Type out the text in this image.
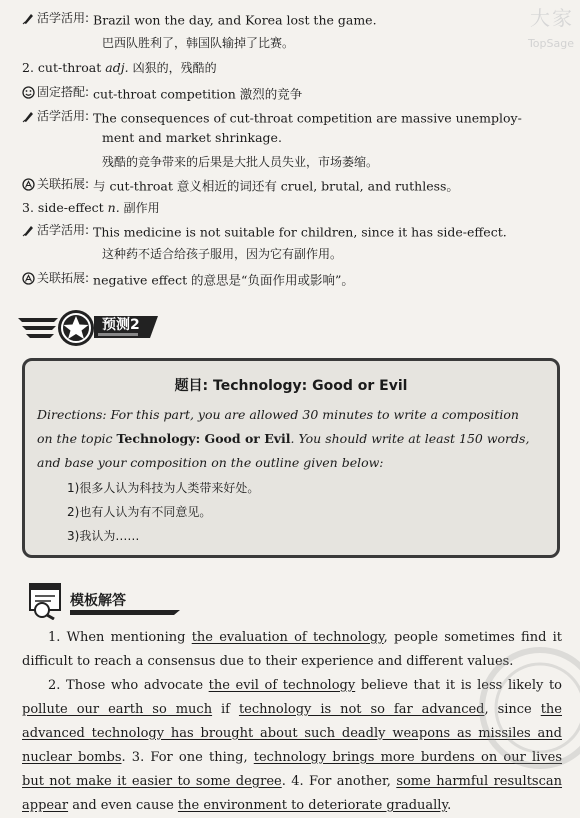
大家
TopSage
活学活用: Brazil won the day, and Korea lost the game.
巴西队胜利了，韩国队输掉了比赛。
2. cut-throat adj. 凶狠的，残酷的
固定搭配: cut-throat competition 激烈的竞争
活学活用: The consequences of cut-throat competition are massive unemploy-
ment and market shrinkage.
残酷的竞争带来的后果是大批人员失业，市场萎缩。
关联拓展: 与 cut-throat 意义相近的词还有 cruel, brutal, and ruthless。
3. side-effect n. 副作用
活学活用: This medicine is not suitable for children, since it has side-effect.
这种药不适合给孩子服用，因为它有副作用。
关联拓展: negative effect 的意思是“负面作用或影响”。
预测2
题目: Technology: Good or Evil
Directions: For this part, you are allowed 30 minutes to write a composition
on the topic Technology: Good or Evil. You should write at least 150 words,
and base your composition on the outline given below:
1)很多人认为科技为人类带来好处。
2)也有人认为有不同意见。
3)我认为……
模板解答
1. When mentioning the evaluation of technology, people sometimes find it difficult to reach a consensus due to their experience and different values.
2. Those who advocate the evil of technology believe that it is less likely to pollute our earth so much if technology is not so far advanced, since the advanced technology has brought about such deadly weapons as missiles and nuclear bombs. 3. For one thing, technology brings more burdens on our lives but not make it easier to some degree. 4. For another, some harmful resultscan appear and even cause the environment to deteriorate gradually.
